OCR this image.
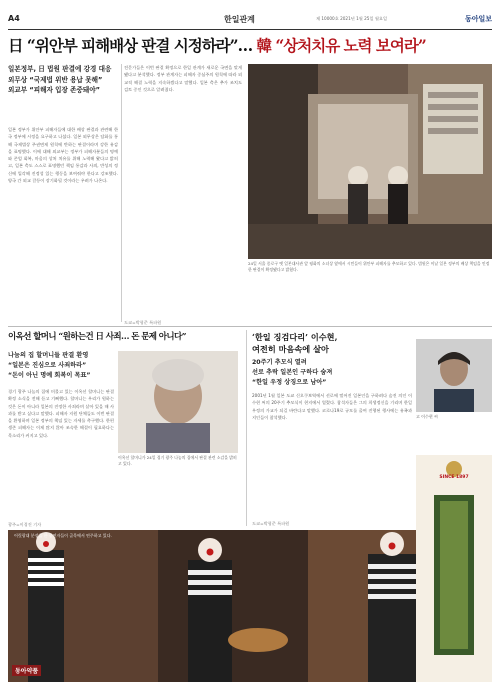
A4	한일관계	제 10000호 2021년 1월 25일 월요일	동아일보
日 “위안부 피해배상 판결 시정하라”… 韓 “상처치유 노력 보여라”
일본정부, 日 법원 판결에 강경 대응
외무상 “국제법 위반 용납 못해”
외교부 “피해자 입장 존중돼야”
일본 정부가 위안부 피해자들에 대한 배상 판결과 관련해 한국 정부에 시정을 요구하고 나섰다. 일본 외무상은 담화를 통해 국제법상 주권면제 원칙에 반하는 판결이라며 강한 유감을 표명했다. 이에 대해 외교부는 정부가 피해자분들의 명예와 존엄 회복, 마음의 상처 치유를 위해 노력해 왔다고 밝히고, 일본 측도 스스로 표명했던 책임 통감과 사죄, 반성의 정신에 입각해 진정성 있는 행동을 보여줘야 한다고 강조했다. 양국 간 외교 갈등이 장기화될 것이라는 우려가 나온다.
전문가들은 이번 판결 확정으로 한일 관계가 새로운 국면을 맞게 됐다고 분석했다. 정부 관계자는 피해자 중심주의 원칙에 따라 외교적 해결 노력을 지속하겠다고 말했다. 일본 측은 추가 조치도 검토 중인 것으로 알려졌다.
도쿄=박형준 특파원
24일 서울 종로구 옛 일본대사관 앞 평화의 소녀상 옆에서 시민들이 위안부 피해자를 추모하고 있다. 법원은 이날 일본 정부의 배상 책임을 인정한 판결이 확정됐다고 밝혔다.
이옥선 할머니 “원하는건 日 사죄… 돈 문제 아니다”
나눔의 집 할머니들 판결 환영
“일본은 진심으로 사죄하라”
“돈이 아닌 명예 회복이 목표”
경기 광주 나눔의 집에 머물고 있는 이옥선 할머니는 판결 확정 소식을 전해 듣고 기뻐했다. 할머니는 우리가 원하는 것은 돈이 아니라 일본의 진정한 사죄라며 살아 있을 때 사과를 받고 싶다고 말했다. 피해자 지원 단체들도 이번 판결을 환영하며 일본 정부의 책임 있는 자세를 촉구했다. 한편 생존 피해자는 이제 많지 않아 조속한 해결이 필요하다는 목소리가 커지고 있다.
광주=이경진 기자
이옥선 할머니가 24일 경기 광주 나눔의 집에서 판결 관련 소감을 밝히고 있다.
‘한일 징검다리’ 이수현,
여전히 마음속에 살아
20주기 추모식 열려
선로 추락 일본인 구하다 숨져
“한일 우정 상징으로 남아”
2001년 1월 일본 도쿄 신오쿠보역에서 선로에 떨어진 일본인을 구하려다 숨진 의인 이수현 씨의 20주기 추모식이 현지에서 열렸다. 참석자들은 그의 희생정신을 기리며 한일 우정의 가교가 되길 바란다고 말했다. 코로나19로 규모를 줄여 진행된 행사에는 유족과 지인들이 참석했다.
도쿄=박형준 특파원
고 이수현 씨
어릿광대 분장을 한 공연자들이 골목에서 연주하고 있다.
동아약품
SINCE 1897
